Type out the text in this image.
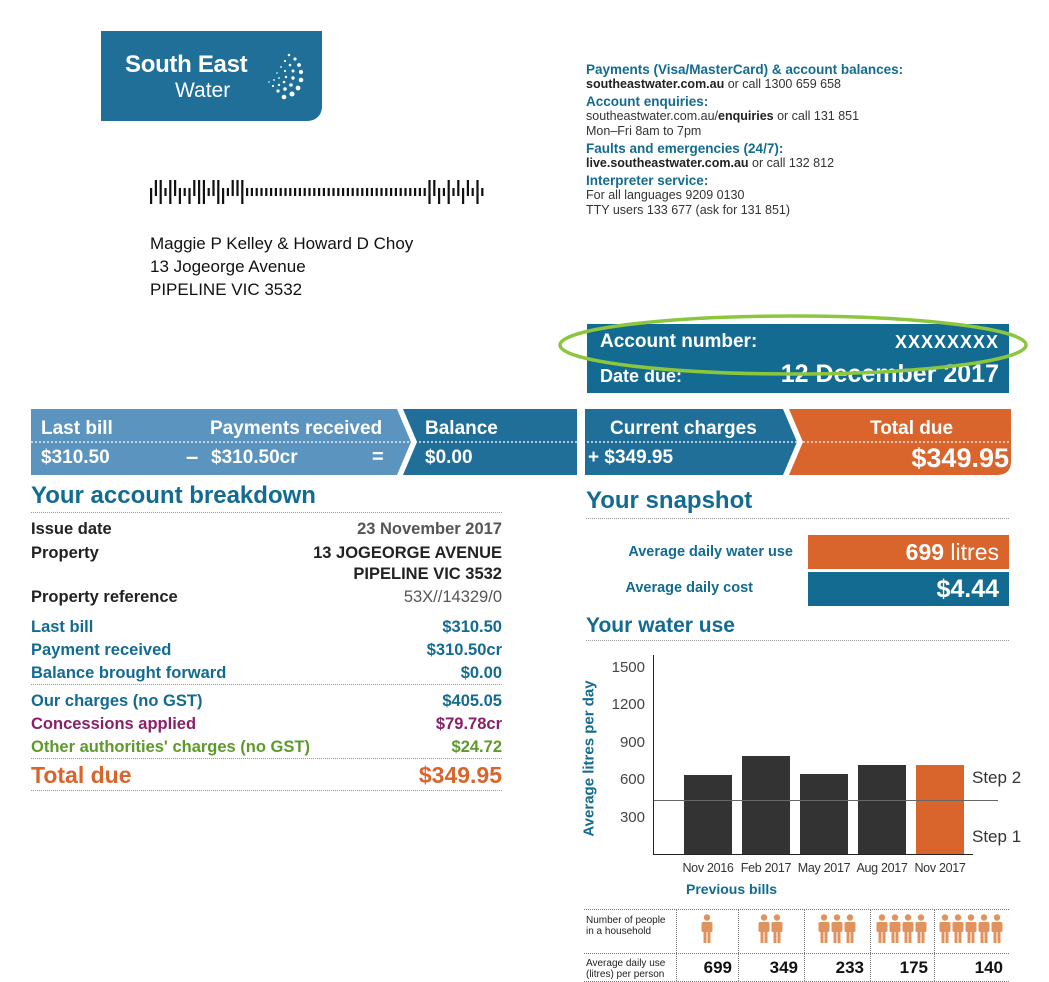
South East
Water
Payments (Visa/MasterCard) & account balances:
southeastwater.com.au or call 1300 659 658
Account enquiries:
southeastwater.com.au/enquiries or call 131 851
Mon–Fri 8am to 7pm
Faults and emergencies (24/7):
live.southeastwater.com.au or call 132 812
Interpreter service:
For all languages 9209 0130
TTY users 133 677 (ask for 131 851)
Maggie P Kelley & Howard D Choy
13 Jogeorge Avenue
PIPELINE VIC 3532
Account number:	XXXXXXXX
Date due:	12 December 2017
Last bill
$310.50	–
Payments received
$310.50cr	=
Balance
$0.00
Current charges
+ $349.95
Total due
$349.95
Your account breakdown
Issue date	23 November 2017
Property	13 JOGEORGE AVENUE
PIPELINE VIC 3532
Property reference	53X//14329/0
Last bill	$310.50
Payment received	$310.50cr
Balance brought forward	$0.00
Our charges (no GST)	$405.05
Concessions applied	$79.78cr
Other authorities' charges (no GST)	$24.72
Total due	$349.95
Your snapshot
Average daily water use	699 litres
Average daily cost	$4.44
Your water use
Average litres per day	300
600
900
1200
1500
Step 2
Step 1
Nov 2016 Feb 2017 May 2017 Aug 2017 Nov 2017
Previous bills
Number of people in a household
Average daily use (litres) per person	699	349	233	175	140
